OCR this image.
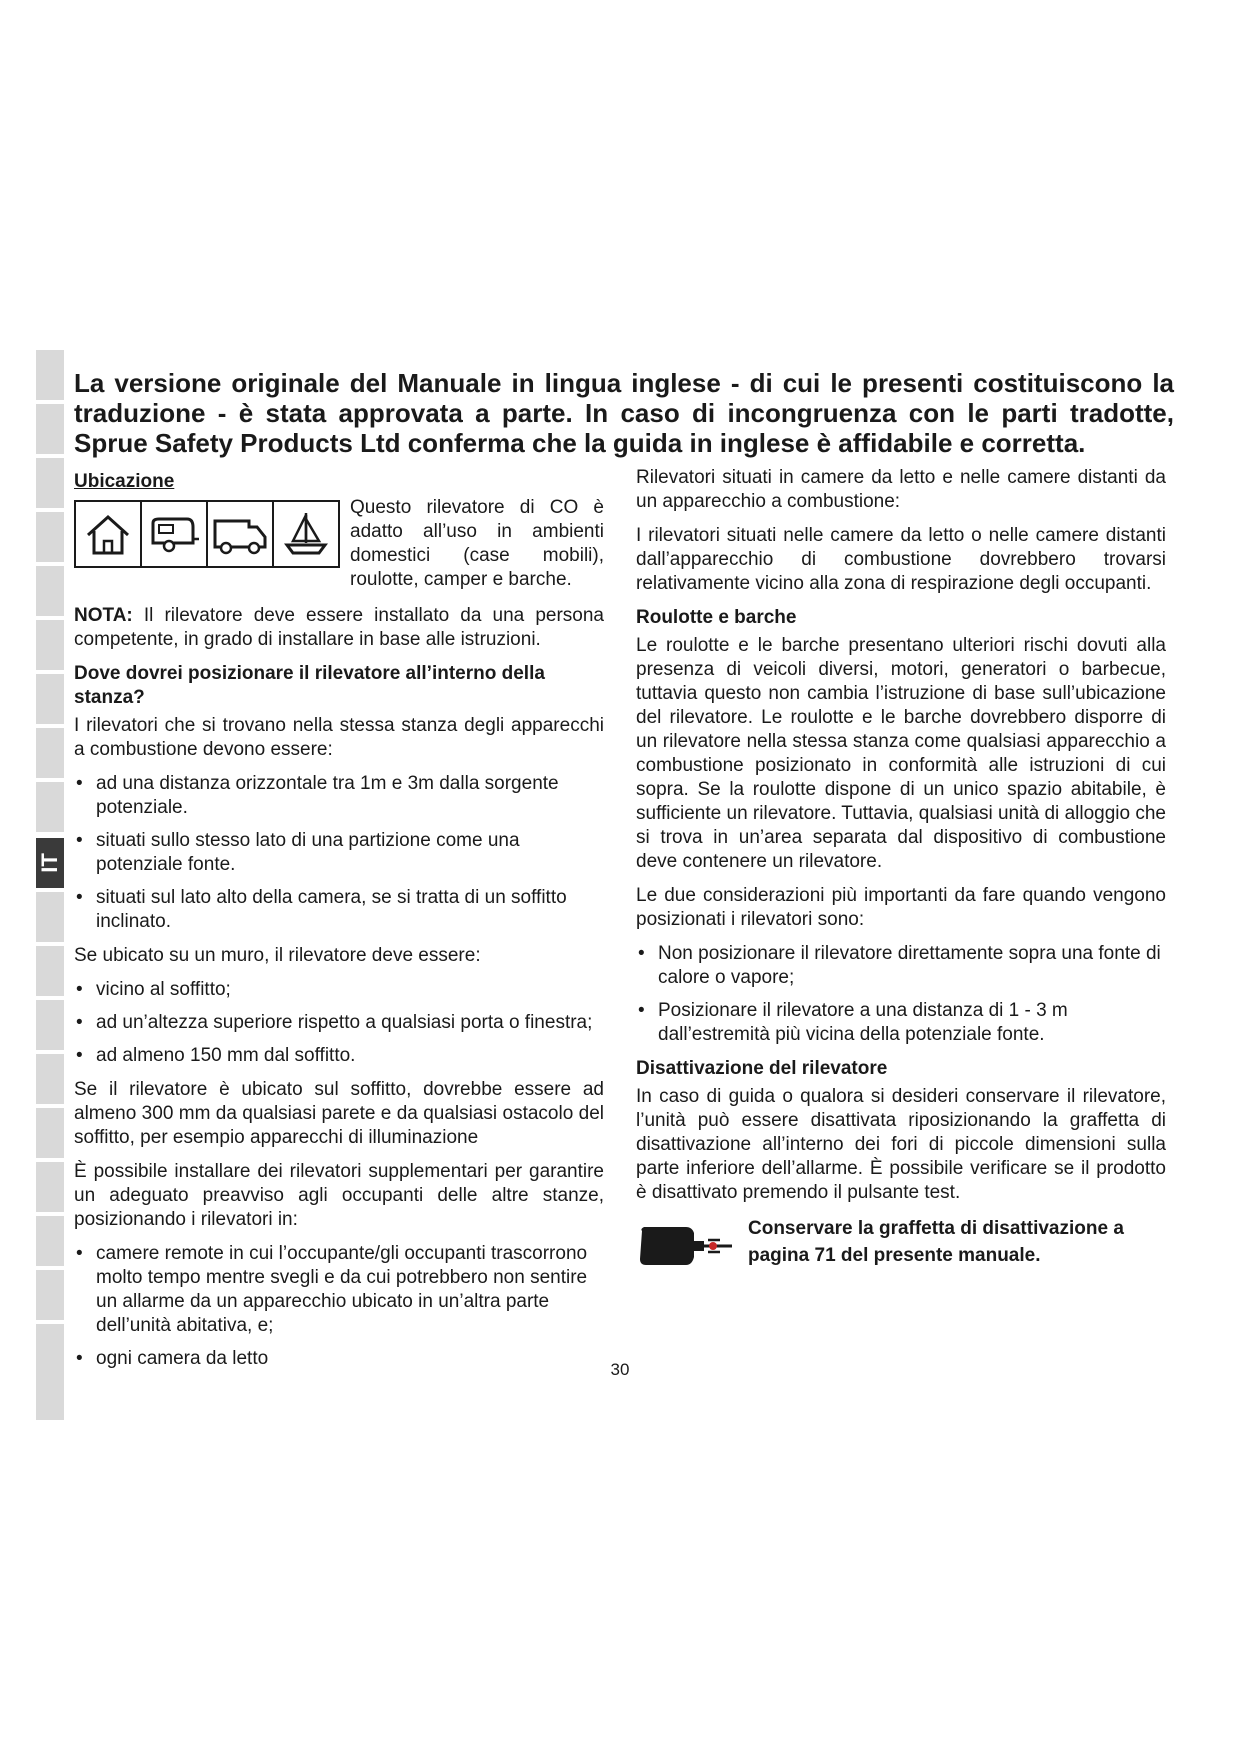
IT

La versione originale del Manuale in lingua inglese - di cui le presenti costituiscono la traduzione - è stata approvata a parte. In caso di incongruenza con le parti tradotte, Sprue Safety Products Ltd conferma che la guida in inglese è affidabile e corretta.

Ubicazione
Questo rilevatore di CO è adatto all’uso in ambienti domestici (case mobili), roulotte, camper e barche.

NOTA: Il rilevatore deve essere installato da una persona competente, in grado di installare in base alle istruzioni.

Dove dovrei posizionare il rilevatore all’interno della stanza?

I rilevatori che si trovano nella stessa stanza degli apparecchi a combustione devono essere:

• ad una distanza orizzontale tra 1m e 3m dalla sorgente potenziale.
• situati sullo stesso lato di una partizione come una potenziale fonte.
• situati sul lato alto della camera, se si tratta di un soffitto inclinato.

Se ubicato su un muro, il rilevatore deve essere:

• vicino al soffitto;
• ad un’altezza superiore rispetto a qualsiasi porta o finestra;
• ad almeno 150 mm dal soffitto.

Se il rilevatore è ubicato sul soffitto, dovrebbe essere ad almeno 300 mm da qualsiasi parete e da qualsiasi ostacolo del soffitto, per esempio apparecchi di illuminazione

È possibile installare dei rilevatori supplementari per garantire un adeguato preavviso agli occupanti delle altre stanze, posizionando i rilevatori in:

• camere remote in cui l’occupante/gli occupanti trascorrono molto tempo mentre svegli e da cui potrebbero non sentire un allarme da un apparecchio ubicato in un’altra parte dell’unità abitativa, e;
• ogni camera da letto

Rilevatori situati in camere da letto e nelle camere distanti da un apparecchio a combustione:

I rilevatori situati nelle camere da letto o nelle camere distanti dall’apparecchio di combustione dovrebbero trovarsi relativamente vicino alla zona di respirazione degli occupanti.

Roulotte e barche

Le roulotte e le barche presentano ulteriori rischi dovuti alla presenza di veicoli diversi, motori, generatori o barbecue, tuttavia questo non cambia l’istruzione di base sull’ubicazione del rilevatore. Le roulotte e le barche dovrebbero disporre di un rilevatore nella stessa stanza come qualsiasi apparecchio a combustione posizionato in conformità alle istruzioni di cui sopra. Se la roulotte dispone di un unico spazio abitabile, è sufficiente un rilevatore. Tuttavia, qualsiasi unità di alloggio che si trova in un’area separata dal dispositivo di combustione deve contenere un rilevatore.

Le due considerazioni più importanti da fare quando vengono posizionati i rilevatori sono:

• Non posizionare il rilevatore direttamente sopra una fonte di calore o vapore;
• Posizionare il rilevatore a una distanza di 1 - 3 m dall’estremità più vicina della potenziale fonte.
Disattivazione del rilevatore

In caso di guida o qualora si desideri conservare il rilevatore, l’unità può essere disattivata riposizionando la graffetta di disattivazione all’interno dei fori di piccole dimensioni sulla parte inferiore dell’allarme. È possibile verificare se il prodotto è disattivato premendo il pulsante test.

Conservare la graffetta di disattivazione a pagina 71 del presente manuale.
30
